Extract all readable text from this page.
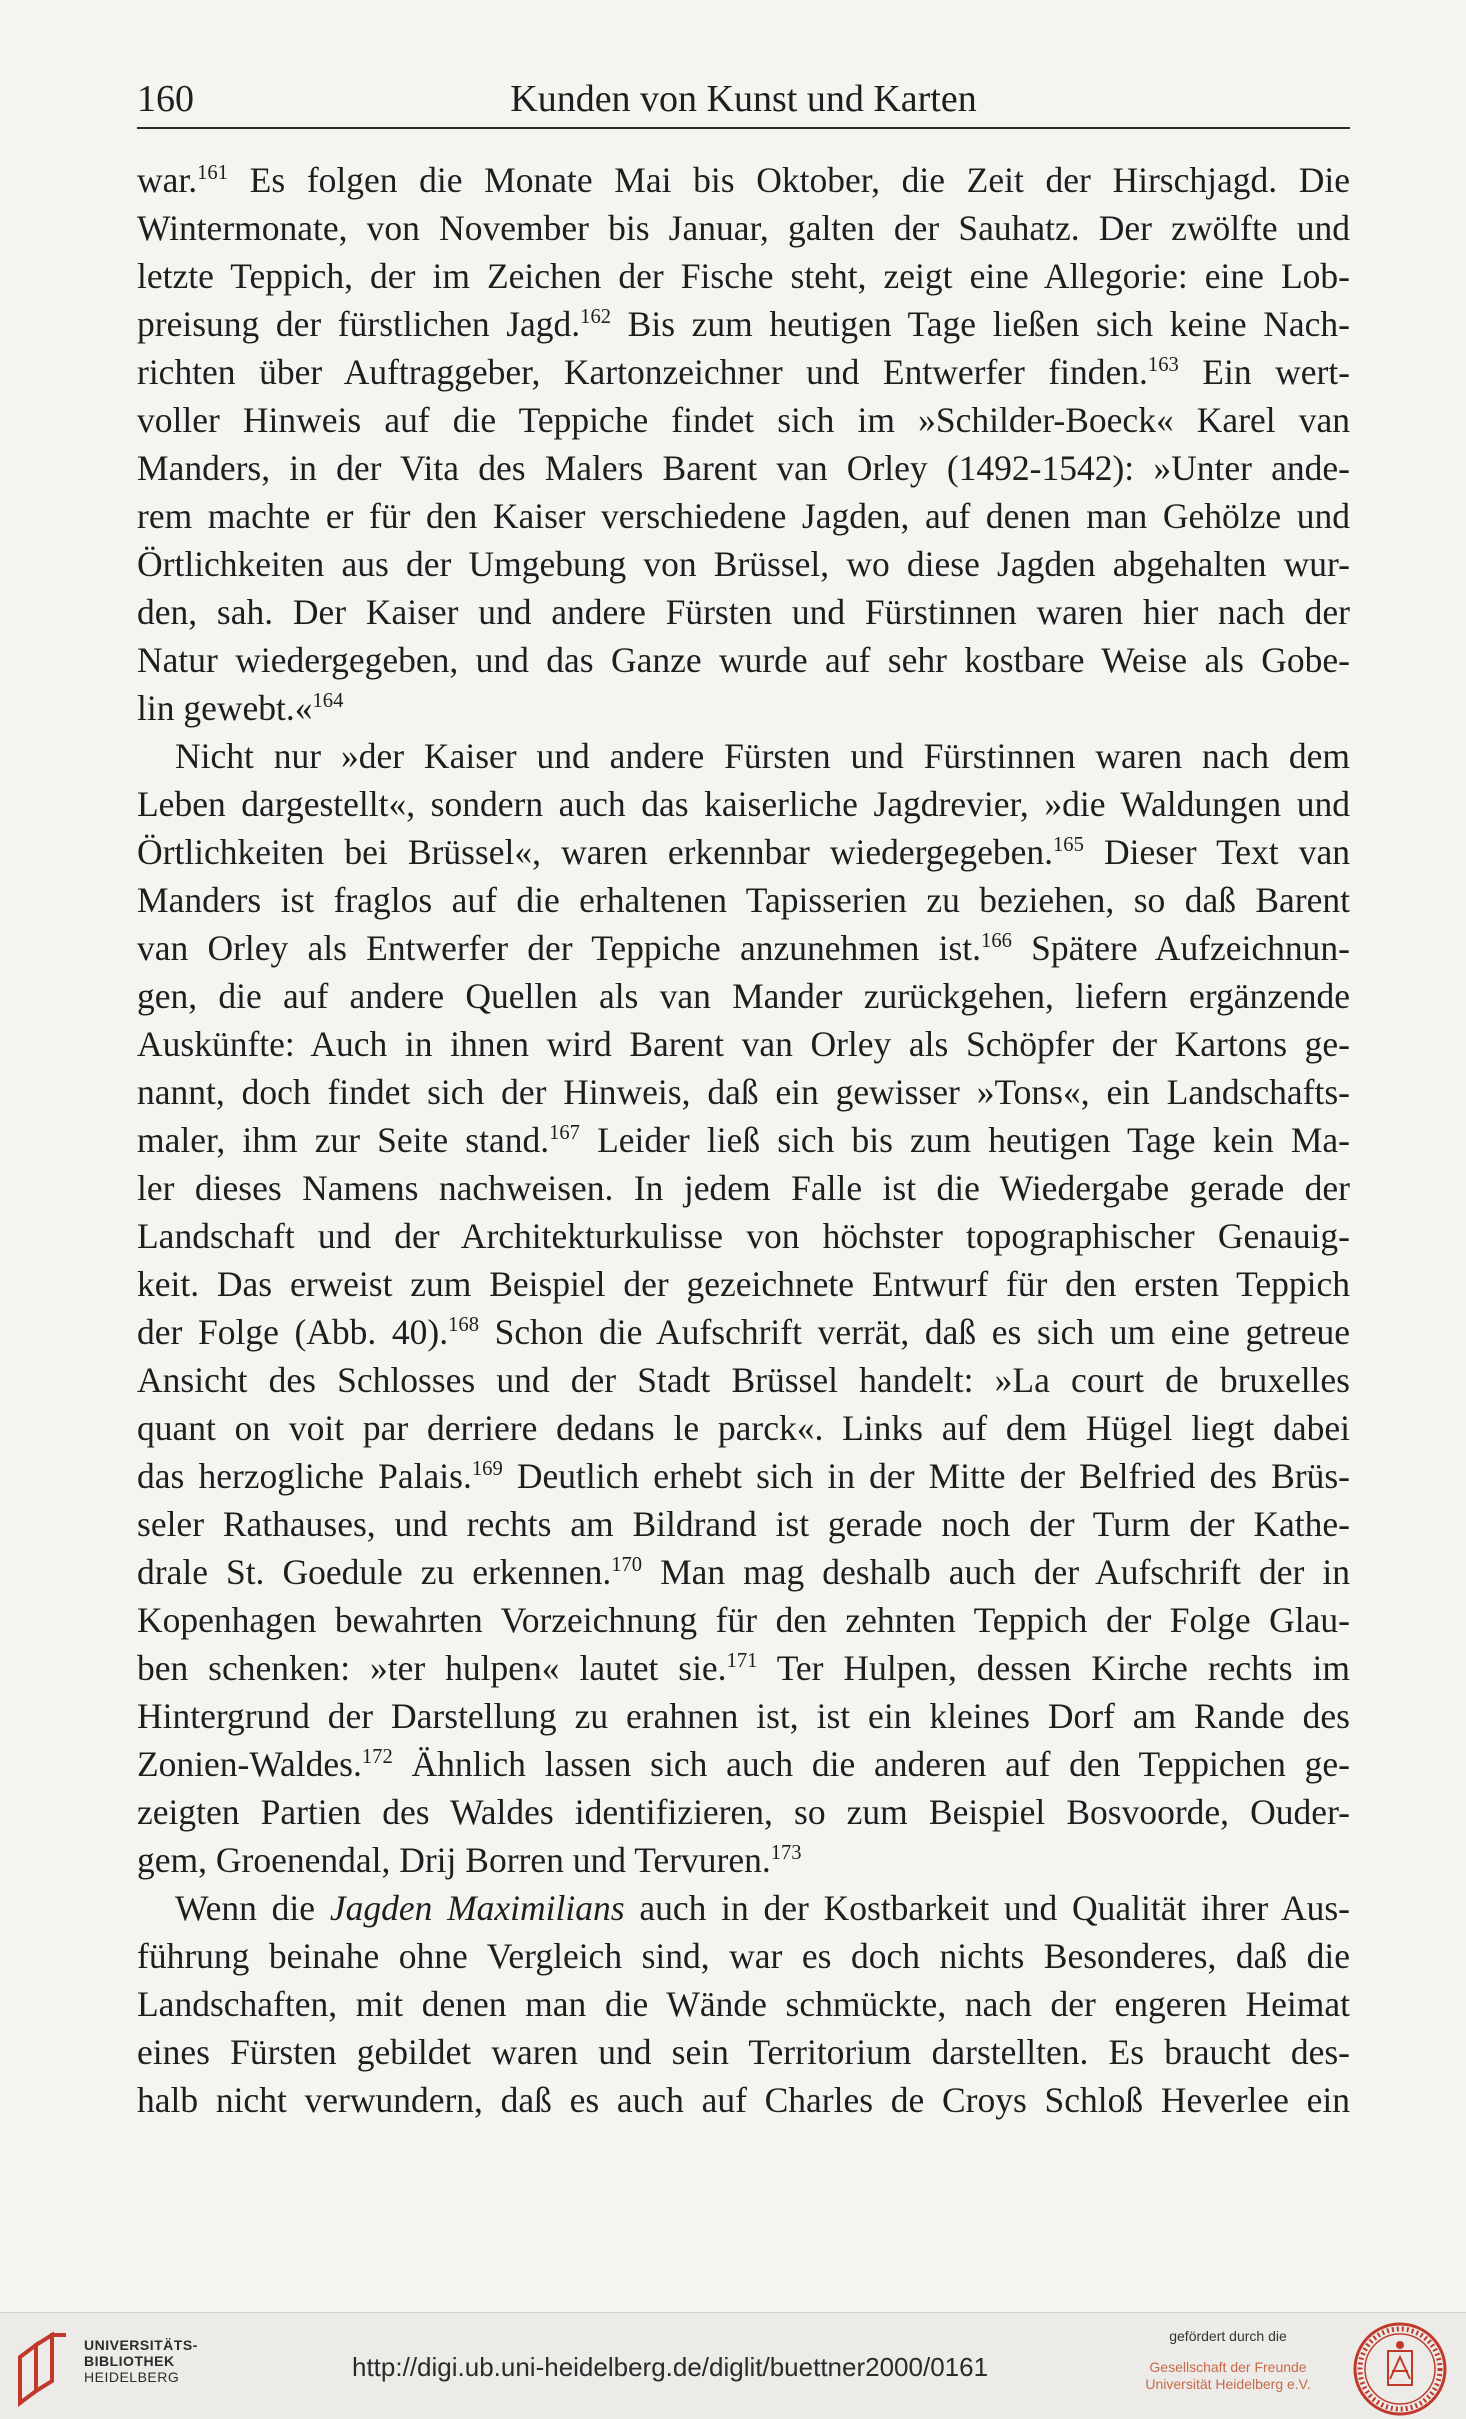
160	Kunden von Kunst und Karten
war.$^{161}$ Es folgen die Monate Mai bis Oktober, die Zeit der Hirschjagd. Die
Wintermonate, von November bis Januar, galten der Sauhatz. Der zwölfte und
letzte Teppich, der im Zeichen der Fische steht, zeigt eine Allegorie: eine Lob-
preisung der fürstlichen Jagd.$^{162}$ Bis zum heutigen Tage ließen sich keine Nach-
richten über Auftraggeber, Kartonzeichner und Entwerfer finden.$^{163}$ Ein wert-
voller Hinweis auf die Teppiche findet sich im »Schilder-Boeck« Karel van
Manders, in der Vita des Malers Barent van Orley (1492-1542): »Unter ande-
rem machte er für den Kaiser verschiedene Jagden, auf denen man Gehölze und
Örtlichkeiten aus der Umgebung von Brüssel, wo diese Jagden abgehalten wur-
den, sah. Der Kaiser und andere Fürsten und Fürstinnen waren hier nach der
Natur wiedergegeben, und das Ganze wurde auf sehr kostbare Weise als Gobe-
lin gewebt.«$^{164}$
Nicht nur »der Kaiser und andere Fürsten und Fürstinnen waren nach dem
Leben dargestellt«, sondern auch das kaiserliche Jagdrevier, »die Waldungen und
Örtlichkeiten bei Brüssel«, waren erkennbar wiedergegeben.$^{165}$ Dieser Text van
Manders ist fraglos auf die erhaltenen Tapisserien zu beziehen, so daß Barent
van Orley als Entwerfer der Teppiche anzunehmen ist.$^{166}$ Spätere Aufzeichnun-
gen, die auf andere Quellen als van Mander zurückgehen, liefern ergänzende
Auskünfte: Auch in ihnen wird Barent van Orley als Schöpfer der Kartons ge-
nannt, doch findet sich der Hinweis, daß ein gewisser »Tons«, ein Landschafts-
maler, ihm zur Seite stand.$^{167}$ Leider ließ sich bis zum heutigen Tage kein Ma-
ler dieses Namens nachweisen. In jedem Falle ist die Wiedergabe gerade der
Landschaft und der Architekturkulisse von höchster topographischer Genauig-
keit. Das erweist zum Beispiel der gezeichnete Entwurf für den ersten Teppich
der Folge (Abb. 40).$^{168}$ Schon die Aufschrift verrät, daß es sich um eine getreue
Ansicht des Schlosses und der Stadt Brüssel handelt: »La court de bruxelles
quant on voit par derriere dedans le parck«. Links auf dem Hügel liegt dabei
das herzogliche Palais.$^{169}$ Deutlich erhebt sich in der Mitte der Belfried des Brüs-
seler Rathauses, und rechts am Bildrand ist gerade noch der Turm der Kathe-
drale St. Goedule zu erkennen.$^{170}$ Man mag deshalb auch der Aufschrift der in
Kopenhagen bewahrten Vorzeichnung für den zehnten Teppich der Folge Glau-
ben schenken: »ter hulpen« lautet sie.$^{171}$ Ter Hulpen, dessen Kirche rechts im
Hintergrund der Darstellung zu erahnen ist, ist ein kleines Dorf am Rande des
Zonien-Waldes.$^{172}$ Ähnlich lassen sich auch die anderen auf den Teppichen ge-
zeigten Partien des Waldes identifizieren, so zum Beispiel Bosvoorde, Ouder-
gem, Groenendal, Drij Borren und Tervuren.$^{173}$
Wenn die Jagden Maximilians auch in der Kostbarkeit und Qualität ihrer Aus-
führung beinahe ohne Vergleich sind, war es doch nichts Besonderes, daß die
Landschaften, mit denen man die Wände schmückte, nach der engeren Heimat
eines Fürsten gebildet waren und sein Territorium darstellten. Es braucht des-
halb nicht verwundern, daß es auch auf Charles de Croys Schloß Heverlee ein
UNIVERSITÄTS-
BIBLIOTHEK
HEIDELBERG	http://digi.ub.uni-heidelberg.de/diglit/buettner2000/0161
gefördert durch die
Gesellschaft der Freunde
Universität Heidelberg e.V.
